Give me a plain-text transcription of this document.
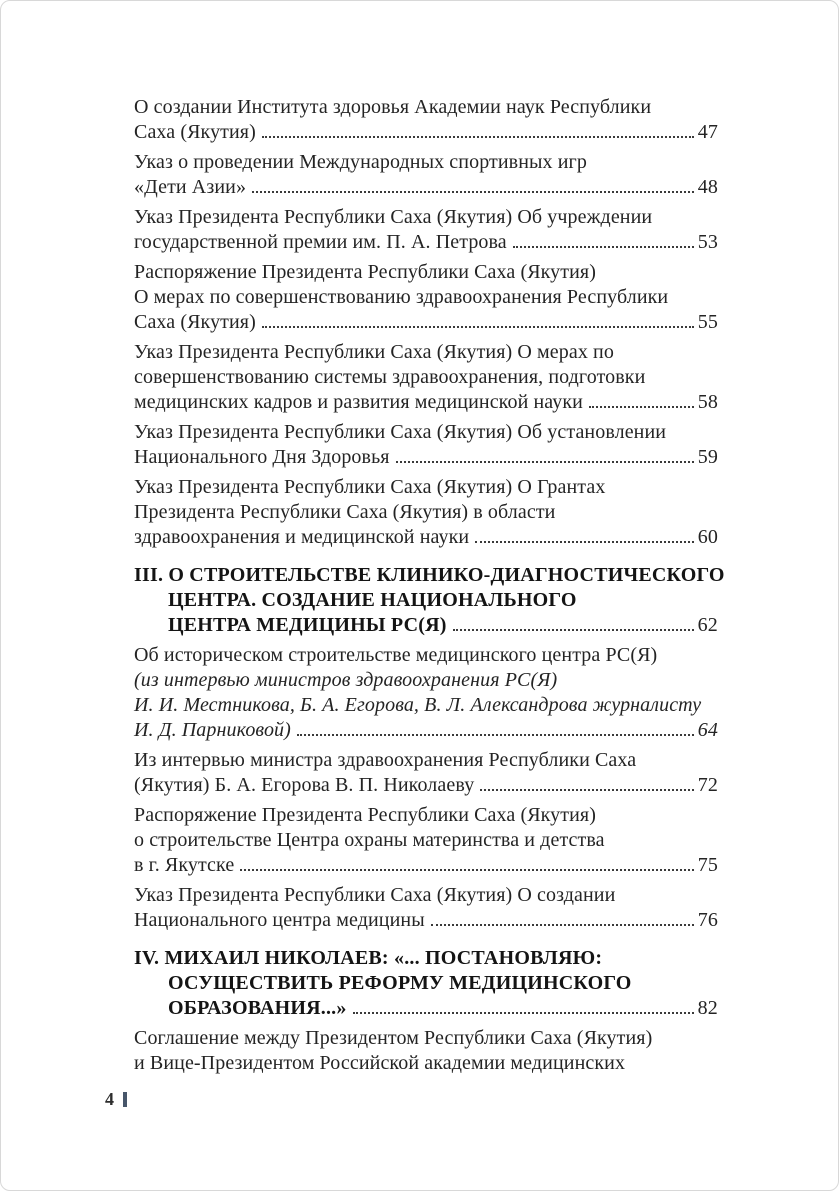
О создании Института здоровья Академии наук Республики
Саха (Якутия)	47
Указ о проведении Международных спортивных игр
«Дети Азии»	48
Указ Президента Республики Саха (Якутия) Об учреждении
государственной премии им. П. А. Петрова	53
Распоряжение Президента Республики Саха (Якутия)
О мерах по совершенствованию здравоохранения Республики
Саха (Якутия)	55
Указ Президента Республики Саха (Якутия) О мерах по
совершенствованию системы здравоохранения, подготовки
медицинских кадров и развития медицинской науки	58
Указ Президента Республики Саха (Якутия) Об установлении
Национального Дня Здоровья	59
Указ Президента Республики Саха (Якутия) О Грантах
Президента Республики Саха (Якутия) в области
здравоохранения и медицинской науки	60
III. О СТРОИТЕЛЬСТВЕ КЛИНИКО-ДИАГНОСТИЧЕСКОГО
ЦЕНТРА. СОЗДАНИЕ НАЦИОНАЛЬНОГО
ЦЕНТРА МЕДИЦИНЫ РС(Я)	62
Об историческом строительстве медицинского центра РС(Я)
(из интервью министров здравоохранения РС(Я)
И. И. Местникова, Б. А. Егорова, В. Л. Александрова журналисту
И. Д. Парниковой)	64
Из интервью министра здравоохранения Республики Саха
(Якутия) Б. А. Егорова В. П. Николаеву	72
Распоряжение Президента Республики Саха (Якутия)
о строительстве Центра охраны материнства и детства
в г. Якутске	75
Указ Президента Республики Саха (Якутия) О создании
Национального центра медицины	76
IV. МИХАИЛ НИКОЛАЕВ: «... ПОСТАНОВЛЯЮ:
ОСУЩЕСТВИТЬ РЕФОРМУ МЕДИЦИНСКОГО
ОБРАЗОВАНИЯ...»	82
Соглашение между Президентом Республики Саха (Якутия)
и Вице-Президентом Российской академии медицинских
4
